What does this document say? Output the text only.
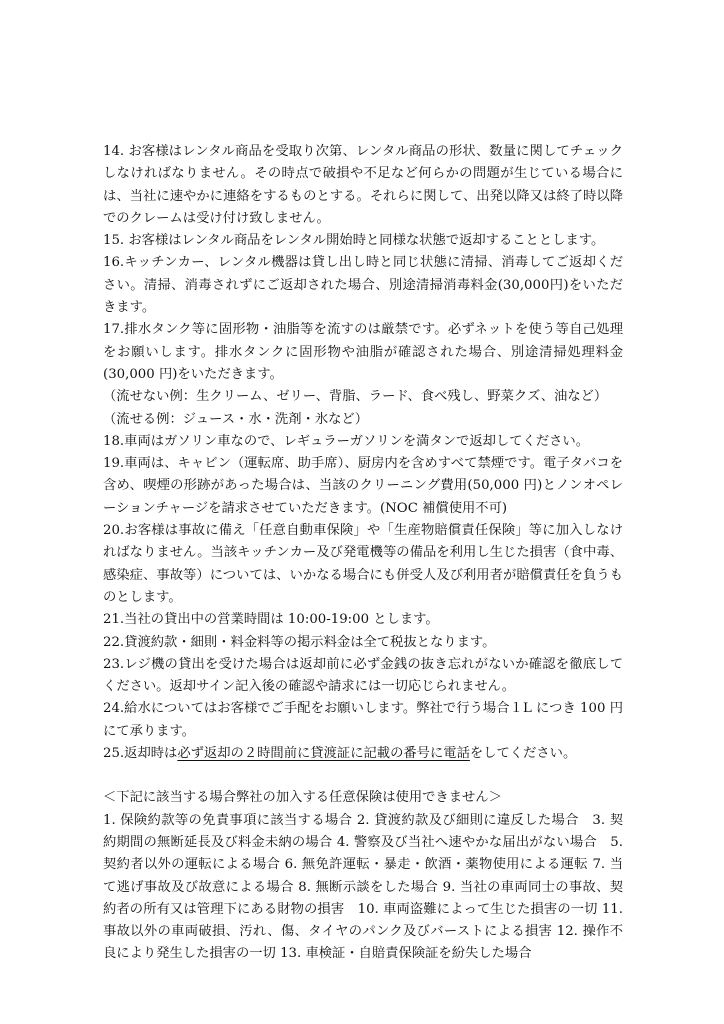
14. お客様はレンタル商品を受取り次第、レンタル商品の形状、数量に関してチェックしなければなりません。その時点で破損や不足など何らかの問題が生じている場合には、当社に速やかに連絡をするものとする。それらに関して、出発以降又は終了時以降でのクレームは受け付け致しません。

15. お客様はレンタル商品をレンタル開始時と同様な状態で返却することとします。

16.キッチンカー、レンタル機器は貸し出し時と同じ状態に清掃、消毒してご返却ください。清掃、消毒されずにご返却された場合、別途清掃消毒料金(30,000円)をいただきます。

17.排水タンク等に固形物・油脂等を流すのは厳禁です。必ずネットを使う等自己処理をお願いします。排水タンクに固形物や油脂が確認された場合、別途清掃処理料金(30,000 円)をいただきます。

（流せない例：生クリーム、ゼリー、背脂、ラード、食べ残し、野菜クズ、油など）

（流せる例：ジュース・水・洗剤・氷など）

18.車両はガソリン車なので、レギュラーガソリンを満タンで返却してください。

19.車両は、キャビン（運転席、助手席）、厨房内を含めすべて禁煙です。電子タバコを含め、喫煙の形跡があった場合は、当該のクリーニング費用(50,000 円)とノンオペレーションチャージを請求させていただきます。(NOC 補償使用不可)

20.お客様は事故に備え「任意自動車保険」や「生産物賠償責任保険」等に加入しなければなりません。当該キッチンカー及び発電機等の備品を利用し生じた損害（食中毒、感染症、事故等）については、いかなる場合にも併受人及び利用者が賠償責任を負うものとします。

21.当社の貸出中の営業時間は 10:00-19:00 とします。

22.貸渡約款・細則・料金料等の掲示料金は全て税抜となります。

23.レジ機の貸出を受けた場合は返却前に必ず金銭の抜き忘れがないか確認を徹底してください。返却サイン記入後の確認や請求には一切応じられません。

24.給水についてはお客様でご手配をお願いします。弊社で行う場合１L につき 100 円にて承ります。

25.返却時は必ず返却の２時間前に貸渡証に記載の番号に電話をしてください。

＜下記に該当する場合弊社の加入する任意保険は使用できません＞

1. 保険約款等の免責事項に該当する場合 2. 貸渡約款及び細則に違反した場合　3. 契約期間の無断延長及び料金未納の場合 4. 警察及び当社へ速やかな届出がない場合　5. 契約者以外の運転による場合 6. 無免許運転・暴走・飲酒・薬物使用による運転 7. 当て逃げ事故及び故意による場合 8. 無断示談をした場合 9. 当社の車両同士の事故、契約者の所有又は管理下にある財物の損害　10. 車両盗難によって生じた損害の一切 11. 事故以外の車両破損、汚れ、傷、タイヤのパンク及びバーストによる損害 12. 操作不良により発生した損害の一切 13. 車検証・自賠責保険証を紛失した場合
